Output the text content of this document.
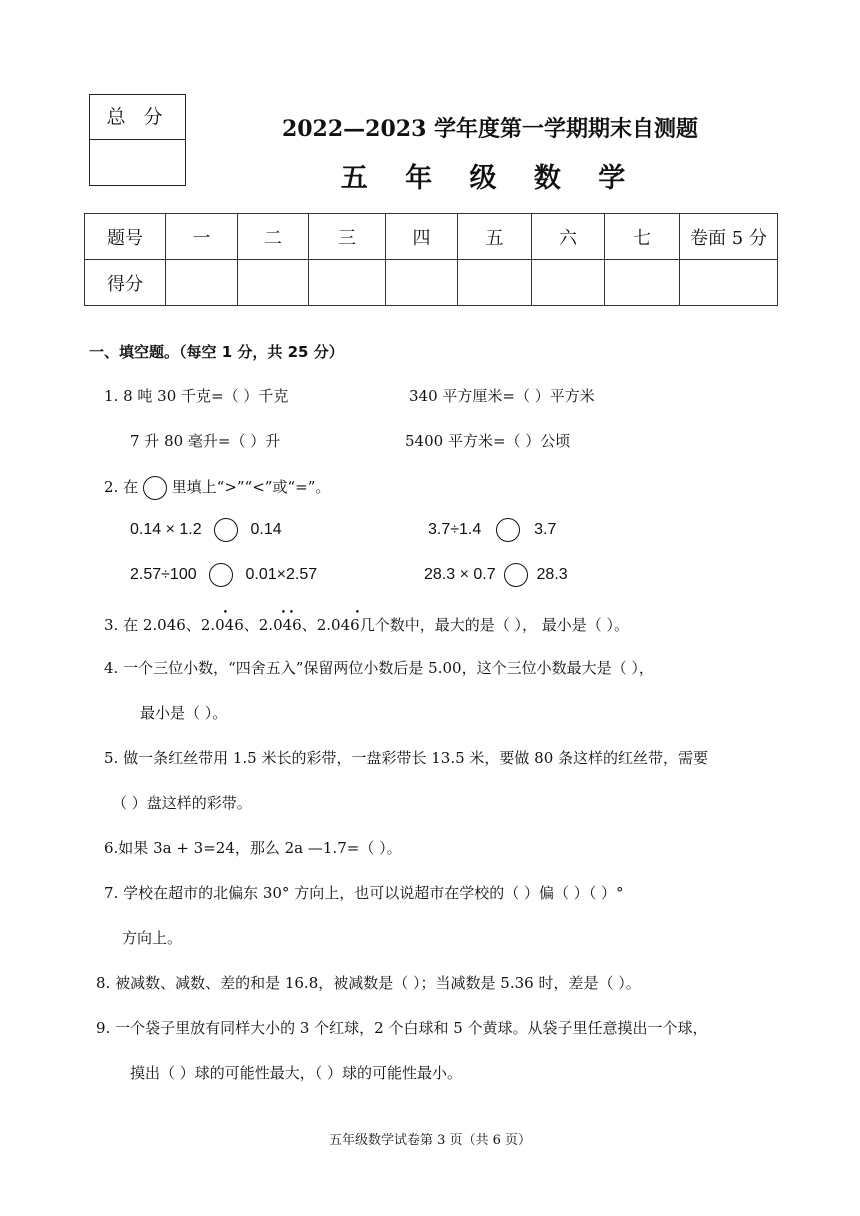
总 分	2022—2023 学年度第一学期期末自测题
五 年 级 数 学
题号	一	二	三	四	五	六	七	卷面 5 分
得分								
一、填空题。（每空 1 分，共 25 分）
1. 8 吨 30 千克=（ ）千克	340 平方厘米=（ ）平方米
7 升 80 毫升=（ ）升	5400 平方米=（ ）公顷
2. 在 里填上“>”“<”或“=”。
0.14 × 1.2	0.14	3.7÷1.4	3.7
2.57÷100	0.01×2.57	28.3 × 0.7	28.3
3. 在 2.046、2.046
•
、2.046
• •
、2.046
•
几个数中，最大的是（ ）， 最小是（ ）。
4. 一个三位小数，“四舍五入”保留两位小数后是 5.00，这个三位小数最大是（ ），
最小是（ ）。
5. 做一条红丝带用 1.5 米长的彩带，一盘彩带长 13.5 米，要做 80 条这样的红丝带，需要
（ ）盘这样的彩带。
6.如果 3a + 3=24，那么 2a —1.7=（ ）。
7. 学校在超市的北偏东 30° 方向上，也可以说超市在学校的（ ）偏（ ）（ ）°
方向上。
8. 被减数、减数、差的和是 16.8，被减数是（ ）；当减数是 5.36 时，差是（ ）。
9. 一个袋子里放有同样大小的 3 个红球，2 个白球和 5 个黄球。从袋子里任意摸出一个球，
摸出（ ）球的可能性最大，（ ）球的可能性最小。
五年级数学试卷第 3 页（共 6 页）
